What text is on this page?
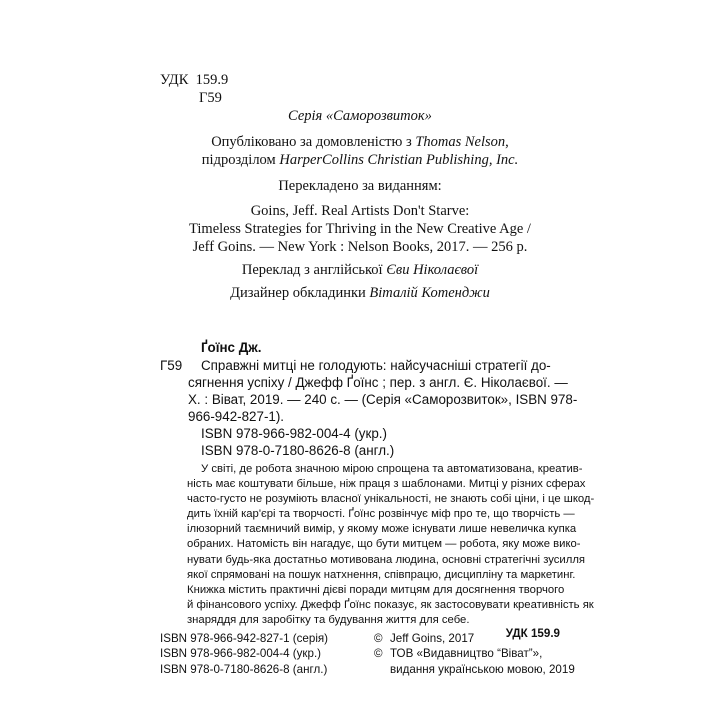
УДК 159.9
Г59
Серія «Саморозвиток»
Опубліковано за домовленістю з Thomas Nelson,
підрозділом HarperCollins Christian Publishing, Inc.
Перекладено за виданням:
Goins, Jeff. Real Artists Don't Starve:
Timeless Strategies for Thriving in the New Creative Age /
Jeff Goins. — New York : Nelson Books, 2017. — 256 p.
Переклад з англійської Єви Ніколаєвої
Дизайнер обкладинки Віталій Котенджи
Ґоїнс Дж.
Г59 Справжні митці не голодують: найсучасніші стратегії до-
сягнення успіху / Джефф Ґоїнс ; пер. з англ. Є. Ніколаєвої. —
Х. : Віват, 2019. — 240 с. — (Серія «Саморозвиток», ISBN 978-
966-942-827-1).
ISBN 978-966-982-004-4 (укр.)
ISBN 978-0-7180-8626-8 (англ.)

У світі, де робота значною мірою спрощена та автоматизована, креатив-

ність має коштувати більше, ніж праця з шаблонами. Митці у різних сферах

часто-густо не розуміють власної унікальності, не знають собі ціни, і це шкод-

дить їхній кар'єрі та творчості. Ґоїнс розвінчує міф про те, що творчість —

ілюзорний таємничий вимір, у якому може існувати лише невеличка купка

обраних. Натомість він нагадує, що бути митцем — робота, яку може вико-

нувати будь-яка достатньо мотивована людина, основні стратегічні зусилля

якої спрямовані на пошук натхнення, співпрацю, дисципліну та маркетинг.

Книжка містить практичні дієві поради митцям для досягнення творчого

й фінансового успіху. Джефф Ґоїнс показує, як застосовувати креативність як

знаряддя для заробітку та будування життя для себе.

УДК 159.9
ISBN 978-966-942-827-1 (серія)
ISBN 978-966-982-004-4 (укр.)
ISBN 978-0-7180-8626-8 (англ.)
© Jeff Goins, 2017
© ТОВ «Видавництво “Віват”»,
видання українською мовою, 2019
